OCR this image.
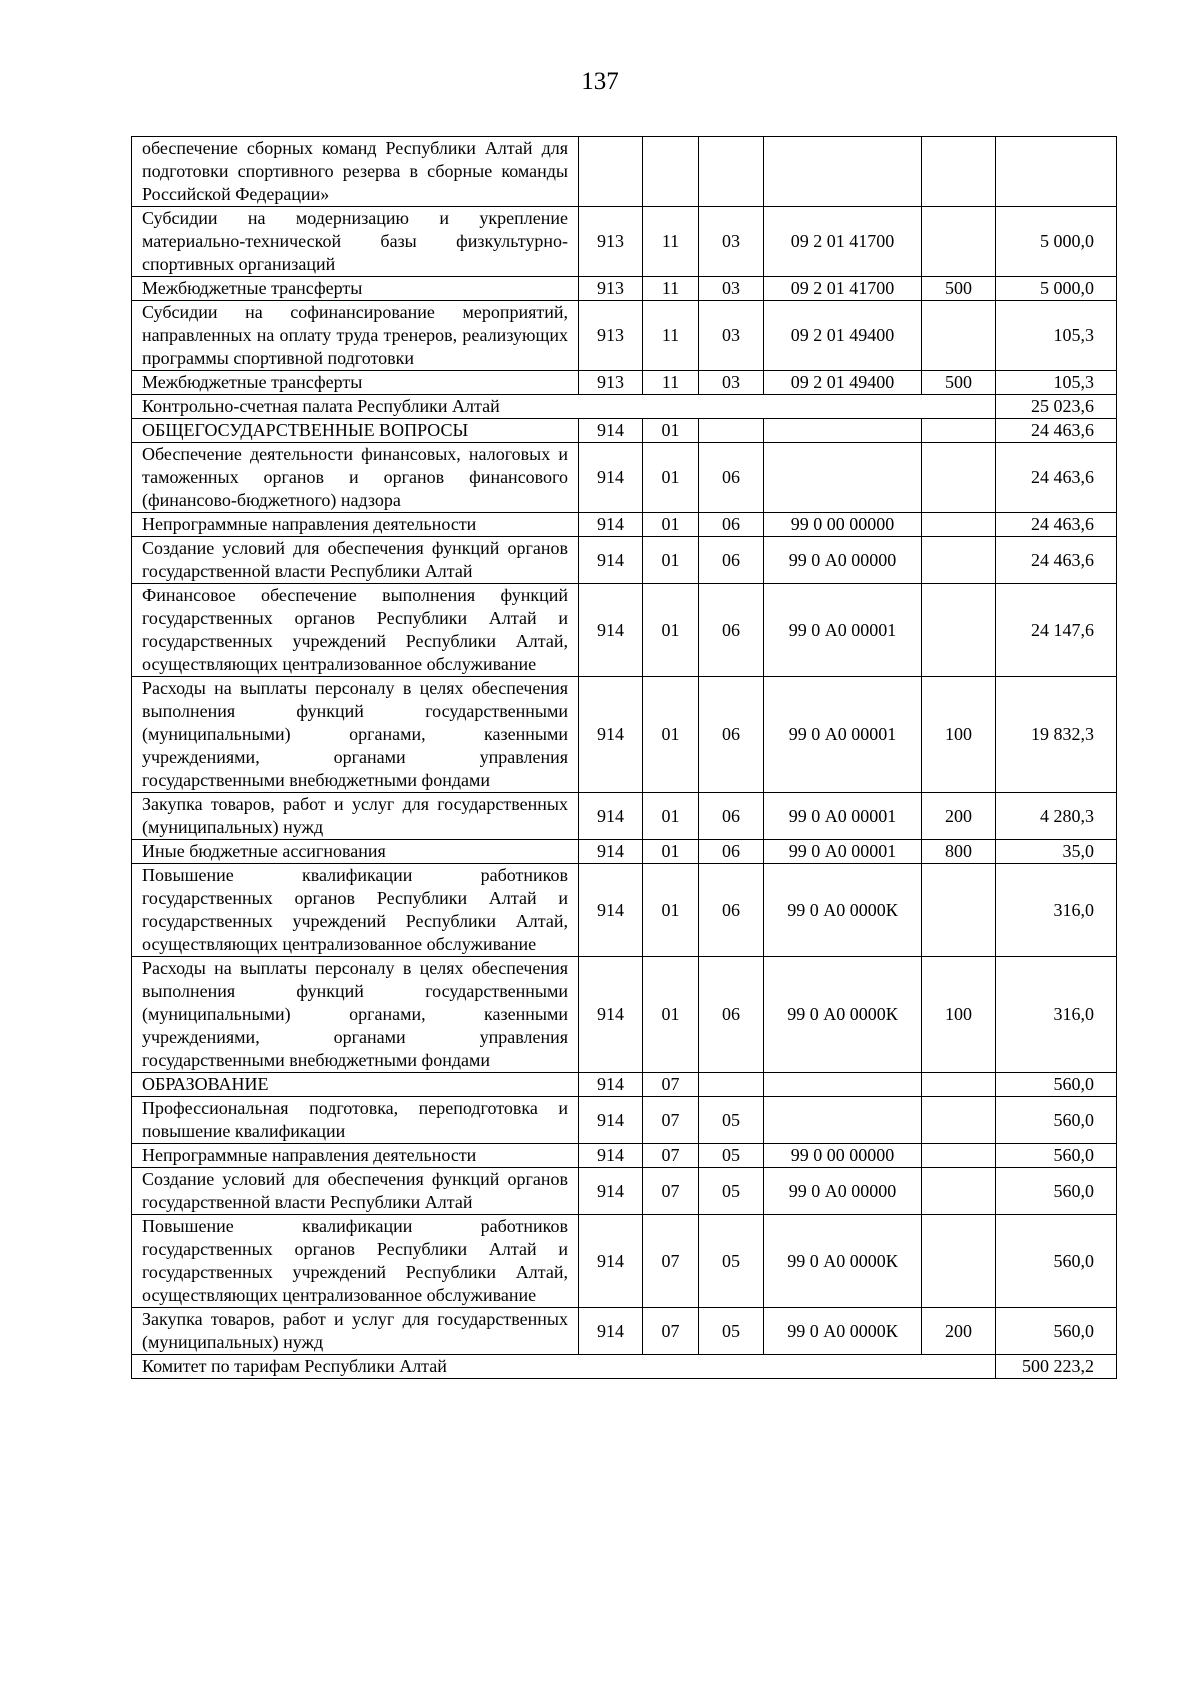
137
обеспечение сборных команд Республики Алтай для подготовки спортивного резерва в сборные команды Российской Федерации»						
Субсидии на модернизацию и укрепление материально-технической базы физкультурно-спортивных организаций	913	11	03	09 2 01 41700		5 000,0
Межбюджетные трансферты	913	11	03	09 2 01 41700	500	5 000,0
Субсидии на софинансирование мероприятий, направленных на оплату труда тренеров, реализующих программы спортивной подготовки	913	11	03	09 2 01 49400		105,3
Межбюджетные трансферты	913	11	03	09 2 01 49400	500	105,3
Контрольно-счетная палата Республики Алтай						25 023,6
ОБЩЕГОСУДАРСТВЕННЫЕ ВОПРОСЫ	914	01				24 463,6
Обеспечение деятельности финансовых, налоговых и таможенных органов и органов финансового (финансово-бюджетного) надзора	914	01	06			24 463,6
Непрограммные направления деятельности	914	01	06	99 0 00 00000		24 463,6
Создание условий для обеспечения функций органов государственной власти Республики Алтай	914	01	06	99 0 А0 00000		24 463,6
Финансовое обеспечение выполнения функций государственных органов Республики Алтай и государственных учреждений Республики Алтай, осуществляющих централизованное обслуживание	914	01	06	99 0 А0 00001		24 147,6
Расходы на выплаты персоналу в целях обеспечения выполнения функций государственными (муниципальными) органами, казенными учреждениями, органами управления государственными внебюджетными фондами	914	01	06	99 0 А0 00001	100	19 832,3
Закупка товаров, работ и услуг для государственных (муниципальных) нужд	914	01	06	99 0 А0 00001	200	4 280,3
Иные бюджетные ассигнования	914	01	06	99 0 А0 00001	800	35,0
Повышение квалификации работников государственных органов Республики Алтай и государственных учреждений Республики Алтай, осуществляющих централизованное обслуживание	914	01	06	99 0 А0 0000К		316,0
Расходы на выплаты персоналу в целях обеспечения выполнения функций государственными (муниципальными) органами, казенными учреждениями, органами управления государственными внебюджетными фондами	914	01	06	99 0 А0 0000К	100	316,0
ОБРАЗОВАНИЕ	914	07				560,0
Профессиональная подготовка, переподготовка и повышение квалификации	914	07	05			560,0
Непрограммные направления деятельности	914	07	05	99 0 00 00000		560,0
Создание условий для обеспечения функций органов государственной власти Республики Алтай	914	07	05	99 0 А0 00000		560,0
Повышение квалификации работников государственных органов Республики Алтай и государственных учреждений Республики Алтай, осуществляющих централизованное обслуживание	914	07	05	99 0 А0 0000К		560,0
Закупка товаров, работ и услуг для государственных (муниципальных) нужд	914	07	05	99 0 А0 0000К	200	560,0
Комитет по тарифам Республики Алтай						500 223,2
